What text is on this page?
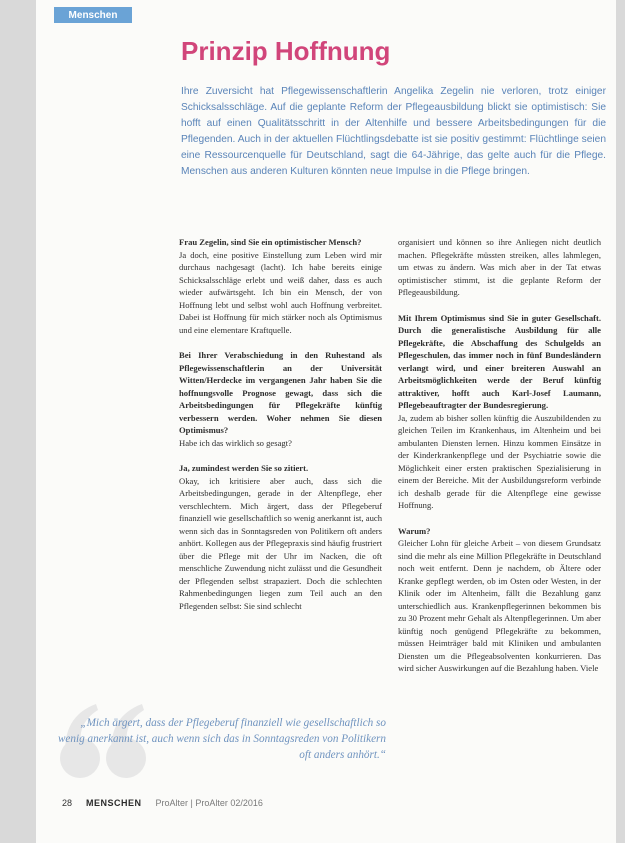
Menschen
Prinzip Hoffnung
Ihre Zuversicht hat Pflegewissenschaftlerin Angelika Zegelin nie verloren, trotz einiger Schicksalsschläge. Auf die geplante Reform der Pflegeausbildung blickt sie optimistisch: Sie hofft auf einen Qualitätsschritt in der Altenhilfe und bessere Arbeitsbedingungen für die Pflegenden. Auch in der aktuellen Flüchtlingsdebatte ist sie positiv gestimmt: Flüchtlinge seien eine Ressourcenquelle für Deutschland, sagt die 64-Jährige, das gelte auch für die Pflege. Menschen aus anderen Kulturen könnten neue Impulse in die Pflege bringen.

Frau Zegelin, sind Sie ein optimistischer Mensch?

Ja doch, eine positive Einstellung zum Leben wird mir durchaus nachgesagt (lacht). Ich habe bereits einige Schicksalsschläge erlebt und weiß daher, dass es auch wieder aufwärtsgeht. Ich bin ein Mensch, der von Hoffnung lebt und selbst wohl auch Hoffnung verbreitet. Dabei ist Hoffnung für mich stärker noch als Optimismus und eine elementare Kraftquelle.

Bei Ihrer Verabschiedung in den Ruhestand als Pflegewissenschaftlerin an der Universität Witten/Herdecke im vergangenen Jahr haben Sie die hoffnungsvolle Prognose gewagt, dass sich die Arbeitsbedingungen für Pflegekräfte künftig verbessern werden. Woher nehmen Sie diesen Optimismus?

Habe ich das wirklich so gesagt?

Ja, zumindest werden Sie so zitiert.

Okay, ich kritisiere aber auch, dass sich die Arbeitsbedingungen, gerade in der Altenpflege, eher verschlechtern. Mich ärgert, dass der Pflegeberuf finanziell wie gesellschaftlich so wenig anerkannt ist, auch wenn sich das in Sonntagsreden von Politikern oft anders anhört. Kollegen aus der Pflegepraxis sind häufig frustriert über die Pflege mit der Uhr im Nacken, die oft menschliche Zuwendung nicht zulässt und die Gesundheit der Pflegenden selbst strapaziert. Doch die schlechten Rahmenbedingungen liegen zum Teil auch an den Pflegenden selbst: Sie sind schlecht

organisiert und können so ihre Anliegen nicht deutlich machen. Pflegekräfte müssten streiken, alles lahmlegen, um etwas zu ändern. Was mich aber in der Tat etwas optimistischer stimmt, ist die geplante Reform der Pflegeausbildung.

Mit Ihrem Optimismus sind Sie in guter Gesellschaft. Durch die generalistische Ausbildung für alle Pflegekräfte, die Abschaffung des Schulgelds an Pflegeschulen, das immer noch in fünf Bundesländern verlangt wird, und einer breiteren Auswahl an Arbeitsmöglichkeiten werde der Beruf künftig attraktiver, hofft auch Karl-Josef Laumann, Pflegebeauftragter der Bundesregierung.

Ja, zudem ab bisher sollen künftig die Auszubildenden zu gleichen Teilen im Krankenhaus, im Altenheim und bei ambulanten Diensten lernen. Hinzu kommen Einsätze in der Kinderkrankenpflege und der Psychiatrie sowie die Möglichkeit einer ersten praktischen Spezialisierung in einem der Bereiche. Mit der Ausbildungsreform verbinde ich deshalb gerade für die Altenpflege eine gewisse Hoffnung.

Warum?

Gleicher Lohn für gleiche Arbeit – von diesem Grundsatz sind die mehr als eine Million Pflegekräfte in Deutschland noch weit entfernt. Denn je nachdem, ob Ältere oder Kranke gepflegt werden, ob im Osten oder Westen, in der Klinik oder im Altenheim, fällt die Bezahlung ganz unterschiedlich aus. Krankenpflegerinnen bekommen bis zu 30 Prozent mehr Gehalt als Altenpflegerinnen. Um aber künftig noch genügend Pflegekräfte zu bekommen, müssen Heimträger bald mit Kliniken und ambulanten Diensten um die Pflegeabsolventen konkurrieren. Das wird sicher Auswirkungen auf die Bezahlung haben. Viele

„Mich ärgert, dass der Pflegeberuf finanziell wie gesellschaftlich so wenig anerkannt ist, auch wenn sich das in Sonntagsreden von Politikern oft anders anhört.“
28 MENSCHEN ProAlter | ProAlter 02/2016
